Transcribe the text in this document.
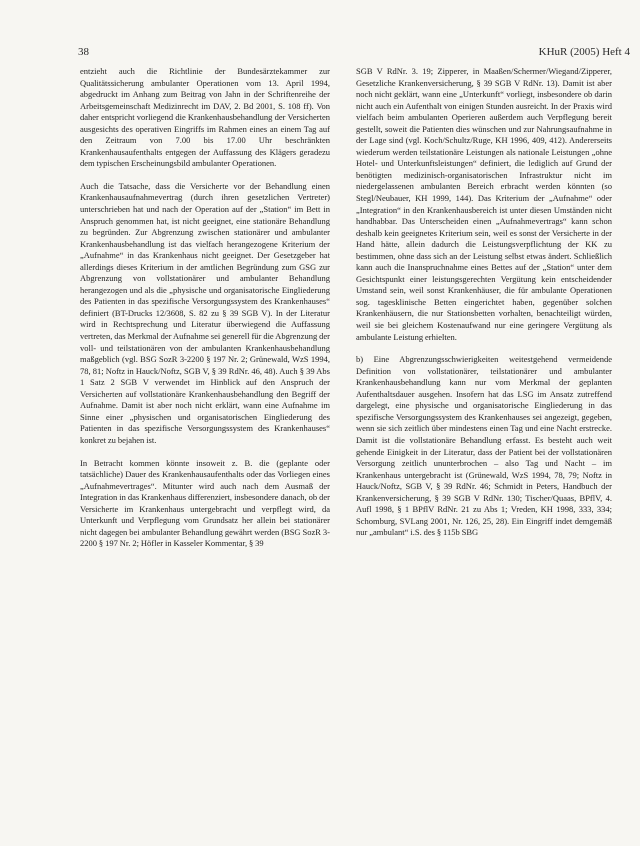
38	KHuR (2005) Heft 4

entzieht auch die Richtlinie der Bundesärztekammer zur Qualitätssicherung ambulanter Operationen vom 13. April 1994, abgedruckt im Anhang zum Beitrag von Jahn in der Schriftenreihe der Arbeitsgemeinschaft Medizinrecht im DAV, 2. Bd 2001, S. 108 ff). Von daher entspricht vorliegend die Krankenhausbehandlung der Versicherten ausgesichts des operativen Eingriffs im Rahmen eines an einem Tag auf den Zeitraum von 7.00 bis 17.00 Uhr beschränkten Krankenhausaufenthalts entgegen der Auffassung des Klägers geradezu dem typischen Erscheinungsbild ambulanter Operationen.

Auch die Tatsache, dass die Versicherte vor der Behandlung einen Krankenhausaufnahmevertrag (durch ihren gesetzlichen Vertreter) unterschrieben hat und nach der Operation auf der „Station“ im Bett in Anspruch genommen hat, ist nicht geeignet, eine stationäre Behandlung zu begründen. Zur Abgrenzung zwischen stationärer und ambulanter Krankenhausbehandlung ist das vielfach herangezogene Kriterium der „Aufnahme“ in das Krankenhaus nicht geeignet. Der Gesetzgeber hat allerdings dieses Kriterium in der amtlichen Begründung zum GSG zur Abgrenzung von vollstationärer und ambulanter Behandlung herangezogen und als die „physische und organisatorische Eingliederung des Patienten in das spezifische Versorgungssystem des Krankenhauses“ definiert (BT-Drucks 12/3608, S. 82 zu § 39 SGB V). In der Literatur wird in Rechtsprechung und Literatur überwiegend die Auffassung vertreten, das Merkmal der Aufnahme sei generell für die Abgrenzung der voll- und teilstationären von der ambulanten Krankenhausbehandlung maßgeblich (vgl. BSG SozR 3-2200 § 197 Nr. 2; Grünewald, WzS 1994, 78, 81; Noftz in Hauck/Noftz, SGB V, § 39 RdNr. 46, 48). Auch § 39 Abs 1 Satz 2 SGB V verwendet im Hinblick auf den Anspruch der Versicherten auf vollstationäre Krankenhausbehandlung den Begriff der Aufnahme. Damit ist aber noch nicht erklärt, wann eine Aufnahme im Sinne einer „physischen und organisatorischen Eingliederung des Patienten in das spezifische Versorgungssystem des Krankenhauses“ konkret zu bejahen ist.

In Betracht kommen könnte insoweit z. B. die (geplante oder tatsächliche) Dauer des Krankenhausaufenthalts oder das Vorliegen eines „Aufnahmevertrages“. Mitunter wird auch nach dem Ausmaß der Integration in das Krankenhaus differenziert, insbesondere danach, ob der Versicherte im Krankenhaus untergebracht und verpflegt wird, da Unterkunft und Verpflegung vom Grundsatz her allein bei stationärer nicht dagegen bei ambulanter Behandlung gewährt werden (BSG SozR 3-2200 § 197 Nr. 2; Höfler in Kasseler Kommentar, § 39

SGB V RdNr. 3. 19; Zipperer, in Maaßen/Schermer/Wiegand/Zipperer, Gesetzliche Krankenversicherung, § 39 SGB V RdNr. 13). Damit ist aber noch nicht geklärt, wann eine „Unterkunft“ vorliegt, insbesondere ob darin nicht auch ein Aufenthalt von einigen Stunden ausreicht. In der Praxis wird vielfach beim ambulanten Operieren außerdem auch Verpflegung bereit gestellt, soweit die Patienten dies wünschen und zur Nahrungsaufnahme in der Lage sind (vgl. Koch/Schultz/Ruge, KH 1996, 409, 412). Andererseits wiederum werden teilstationäre Leistungen als nationale Leistungen „ohne Hotel- und Unterkunftsleistungen“ definiert, die lediglich auf Grund der benötigten medizinisch-organisatorischen Infrastruktur nicht im niedergelassenen ambulanten Bereich erbracht werden könnten (so Stegl/Neubauer, KH 1999, 144). Das Kriterium der „Aufnahme“ oder „Integration“ in den Krankenhausbereich ist unter diesen Umständen nicht handhabbar. Das Unterscheiden einen „Aufnahmevertrags“ kann schon deshalb kein geeignetes Kriterium sein, weil es sonst der Versicherte in der Hand hätte, allein dadurch die Leistungsverpflichtung der KK zu bestimmen, ohne dass sich an der Leistung selbst etwas ändert. Schließlich kann auch die Inanspruchnahme eines Bettes auf der „Station“ unter dem Gesichtspunkt einer leistungsgerechten Vergütung kein entscheidender Umstand sein, weil sonst Krankenhäuser, die für ambulante Operationen sog. tagesklinische Betten eingerichtet haben, gegenüber solchen Krankenhäusern, die nur Stationsbetten vorhalten, benachteiligt würden, weil sie bei gleichem Kostenaufwand nur eine geringere Vergütung als ambulante Leistung erhielten.

b) Eine Abgrenzungsschwierigkeiten weitestgehend vermeidende Definition von vollstationärer, teilstationärer und ambulanter Krankenhausbehandlung kann nur vom Merkmal der geplanten Aufenthaltsdauer ausgehen. Insofern hat das LSG im Ansatz zutreffend dargelegt, eine physische und organisatorische Eingliederung in das spezifische Versorgungssystem des Krankenhauses sei angezeigt, gegeben, wenn sie sich zeitlich über mindestens einen Tag und eine Nacht erstrecke. Damit ist die vollstationäre Behandlung erfasst. Es besteht auch weit gehende Einigkeit in der Literatur, dass der Patient bei der vollstationären Versorgung zeitlich ununterbrochen – also Tag und Nacht – im Krankenhaus untergebracht ist (Grünewald, WzS 1994, 78, 79; Noftz in Hauck/Noftz, SGB V, § 39 RdNr. 46; Schmidt in Peters, Handbuch der Krankenversicherung, § 39 SGB V RdNr. 130; Tischer/Quaas, BPflV, 4. Aufl 1998, § 1 BPflV RdNr. 21 zu Abs 1; Vreden, KH 1998, 333, 334; Schomburg, SVLang 2001, Nr. 126, 25, 28). Ein Eingriff indet demgemäß nur „ambulant“ i.S. des § 115b SBG
